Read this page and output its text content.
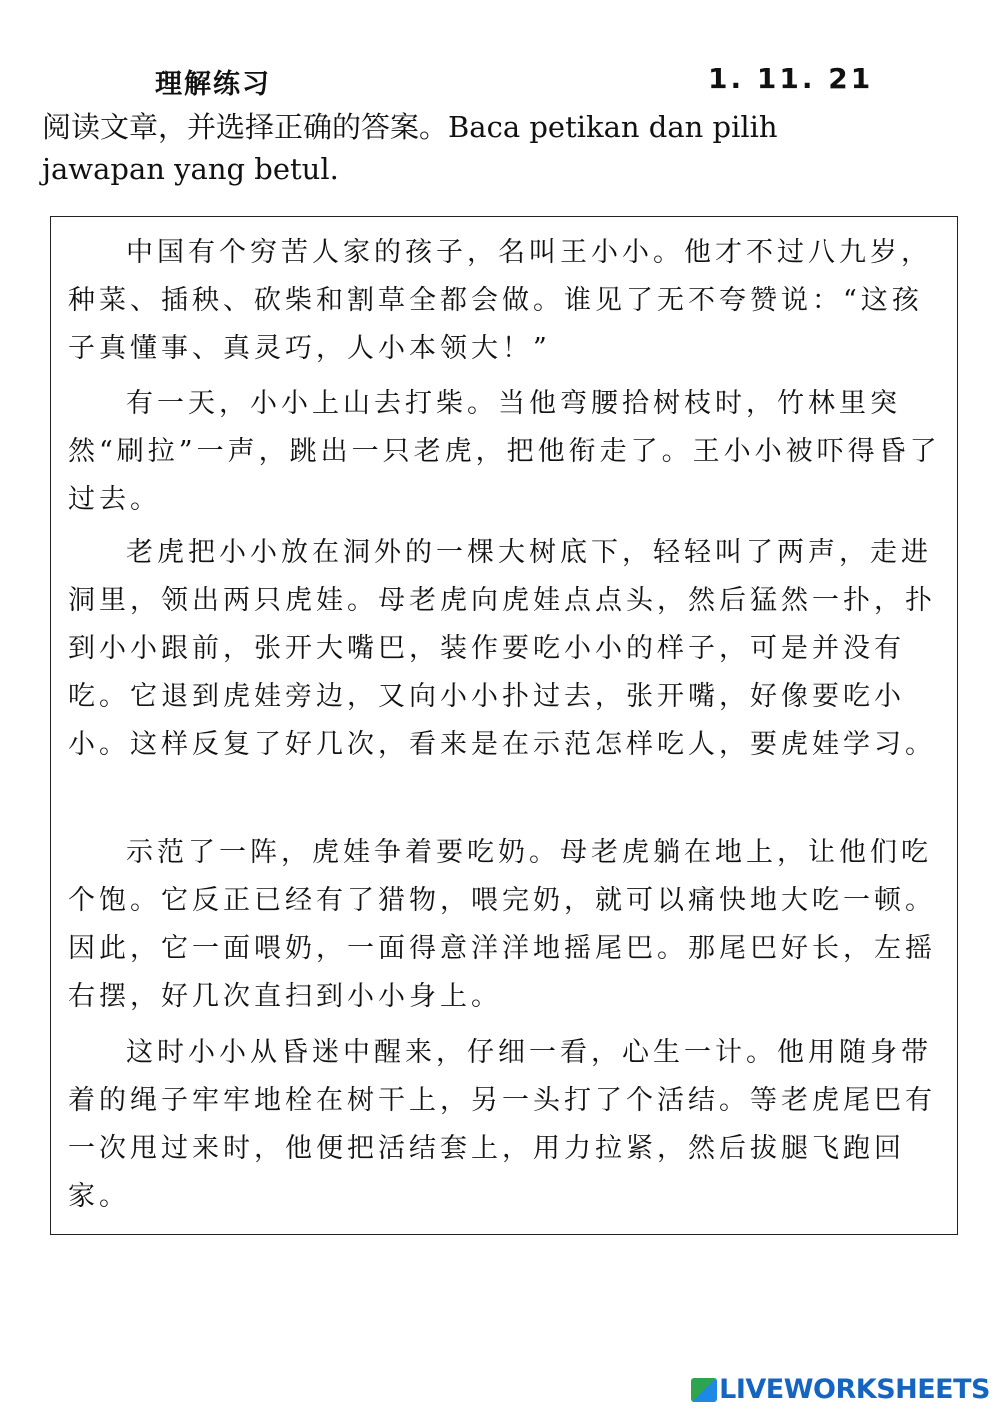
理解练习	1. 11. 21
阅读文章，并选择正确的答案。Baca petikan dan pilih jawapan yang betul.

中国有个穷苦人家的孩子，名叫王小小。他才不过八九岁，种菜、插秧、砍柴和割草全都会做。谁见了无不夸赞说：“这孩子真懂事、真灵巧，人小本领大！”

有一天，小小上山去打柴。当他弯腰拾树枝时，竹林里突然“刷拉”一声，跳出一只老虎，把他衔走了。王小小被吓得昏了过去。

老虎把小小放在洞外的一棵大树底下，轻轻叫了两声，走进洞里，领出两只虎娃。母老虎向虎娃点点头，然后猛然一扑，扑到小小跟前，张开大嘴巴，装作要吃小小的样子，可是并没有吃。它退到虎娃旁边，又向小小扑过去，张开嘴，好像要吃小小。这样反复了好几次，看来是在示范怎样吃人，要虎娃学习。

示范了一阵，虎娃争着要吃奶。母老虎躺在地上，让他们吃个饱。它反正已经有了猎物，喂完奶，就可以痛快地大吃一顿。因此，它一面喂奶，一面得意洋洋地摇尾巴。那尾巴好长，左摇右摆，好几次直扫到小小身上。

这时小小从昏迷中醒来，仔细一看，心生一计。他用随身带着的绳子牢牢地栓在树干上，另一头打了个活结。等老虎尾巴有一次甩过来时，他便把活结套上，用力拉紧，然后拔腿飞跑回家。

LIVEWORKSHEETS
